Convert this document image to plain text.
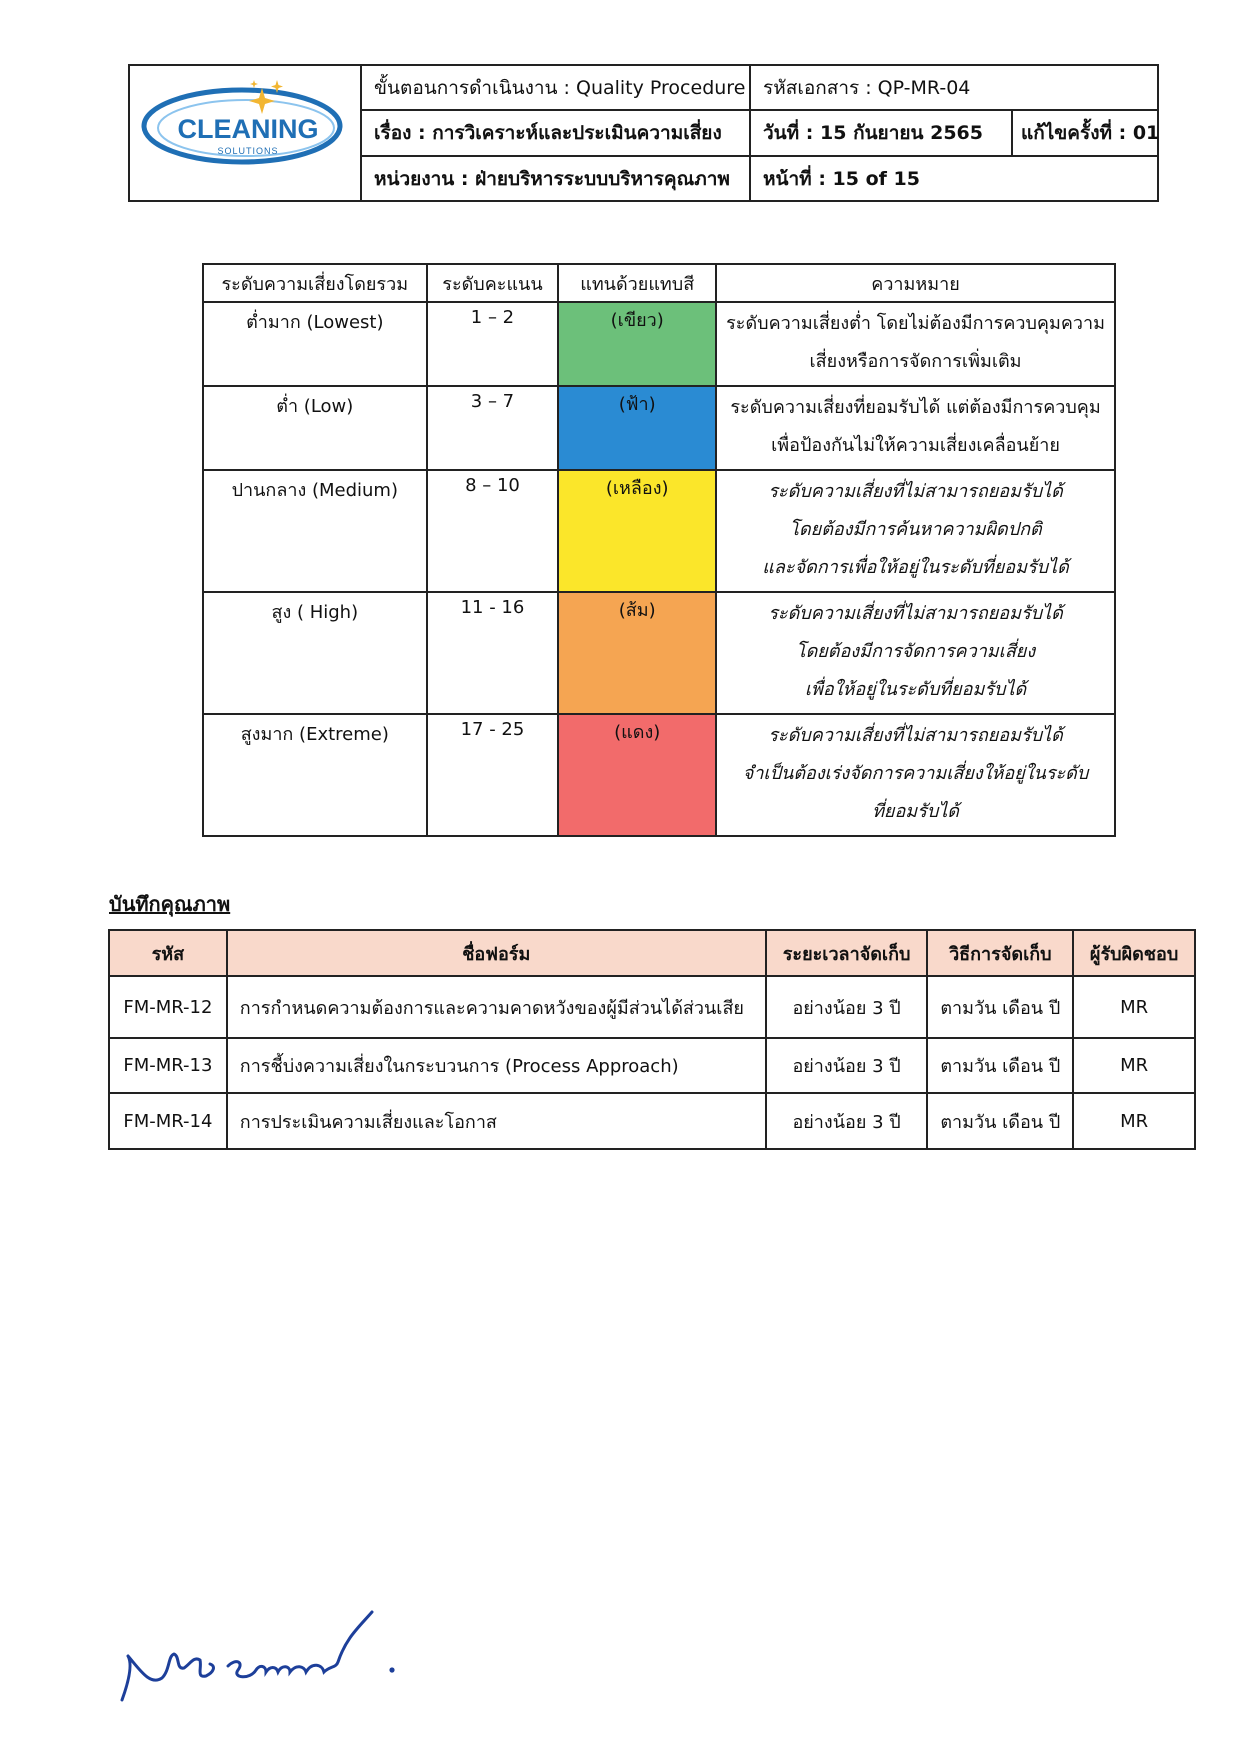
CLEANING
SOLUTIONS
ขั้นตอนการดำเนินงาน : Quality Procedure
เรื่อง : การวิเคราะห์และประเมินความเสี่ยง
หน่วยงาน : ฝ่ายบริหารระบบบริหารคุณภาพ
รหัสเอกสาร : QP-MR-04
วันที่ : 15 กันยายน 2565	แก้ไขครั้งที่ : 01
หน้าที่ : 15 of 15
ระดับความเสี่ยงโดยรวม	ระดับคะแนน	แทนด้วยแทบสี	ความหมาย
ต่ำมาก (Lowest)	1 – 2	(เขียว)	ระดับความเสี่ยงต่ำ โดยไม่ต้องมีการควบคุมความ
เสี่ยงหรือการจัดการเพิ่มเติม

ต่ำ (Low)	3 – 7	(ฟ้า)	ระดับความเสี่ยงที่ยอมรับได้ แต่ต้องมีการควบคุม
เพื่อป้องกันไม่ให้ความเสี่ยงเคลื่อนย้าย

ปานกลาง (Medium)	8 – 10	(เหลือง)	ระดับความเสี่ยงที่ไม่สามารถยอมรับได้
โดยต้องมีการค้นหาความผิดปกติ
และจัดการเพื่อให้อยู่ในระดับที่ยอมรับได้

สูง ( High)	11 - 16	(ส้ม)	ระดับความเสี่ยงที่ไม่สามารถยอมรับได้
โดยต้องมีการจัดการความเสี่ยง
เพื่อให้อยู่ในระดับที่ยอมรับได้

สูงมาก (Extreme)	17 - 25	(แดง)	ระดับความเสี่ยงที่ไม่สามารถยอมรับได้
จำเป็นต้องเร่งจัดการความเสี่ยงให้อยู่ในระดับ
ที่ยอมรับได้
บันทึกคุณภาพ
รหัส	ชื่อฟอร์ม	ระยะเวลาจัดเก็บ	วิธีการจัดเก็บ	ผู้รับผิดชอบ
FM-MR-12	การกำหนดความต้องการและความคาดหวังของผู้มีส่วนได้ส่วนเสีย	อย่างน้อย 3 ปี	ตามวัน เดือน ปี	MR
FM-MR-13	การชี้บ่งความเสี่ยงในกระบวนการ (Process Approach)	อย่างน้อย 3 ปี	ตามวัน เดือน ปี	MR
FM-MR-14	การประเมินความเสี่ยงและโอกาส	อย่างน้อย 3 ปี	ตามวัน เดือน ปี	MR
